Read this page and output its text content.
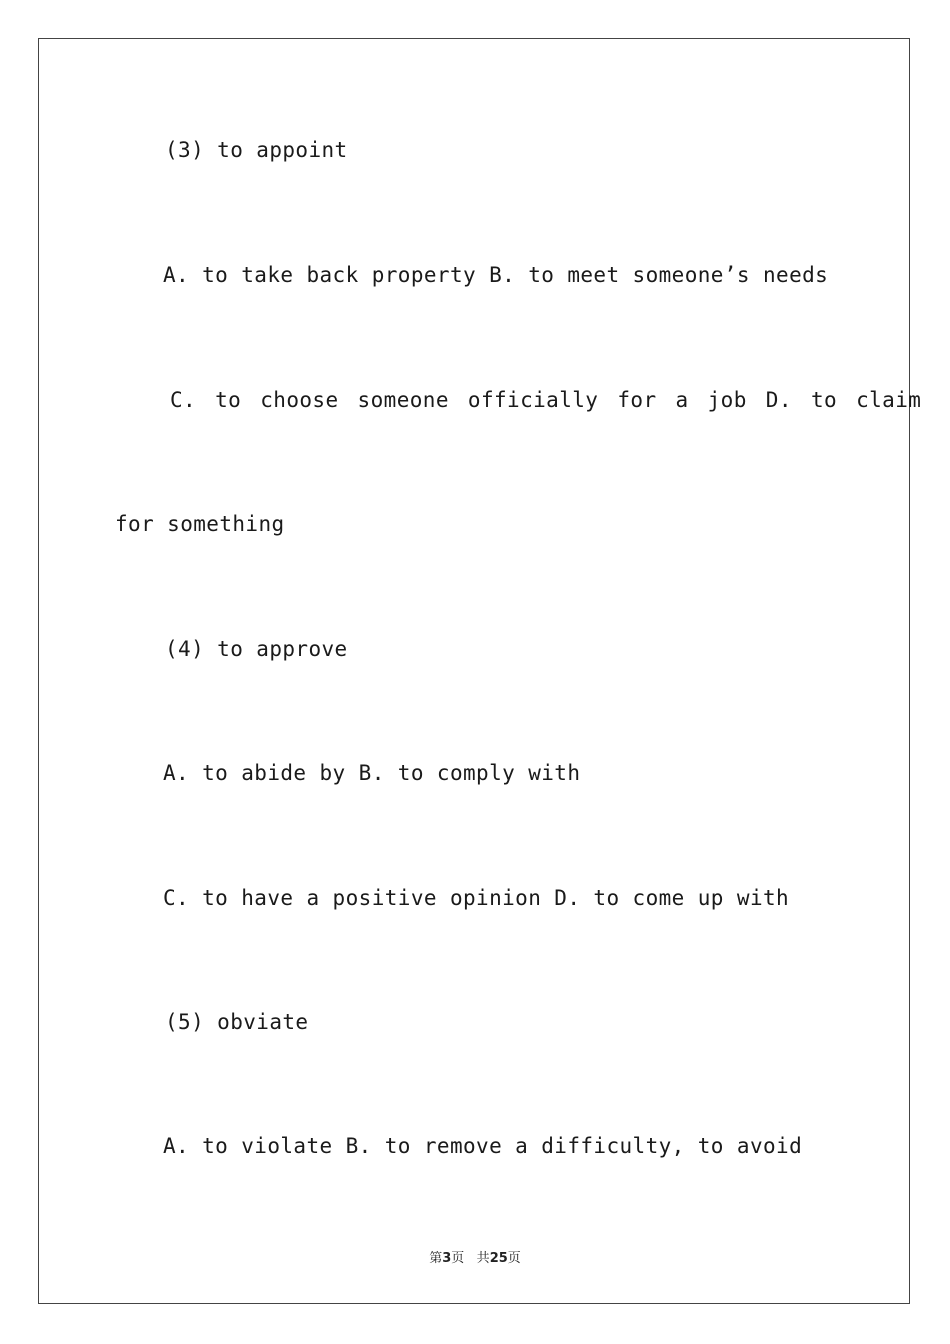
(3) to appoint
A. to take back property B. to meet someone’s needs
C. to choose someone officially for a job D. to claim
for something
(4) to approve
A. to abide by B. to comply with
C. to have a positive opinion D. to come up with
(5) obviate
A. to violate B. to remove a difficulty, to avoid
第3页 共25页
